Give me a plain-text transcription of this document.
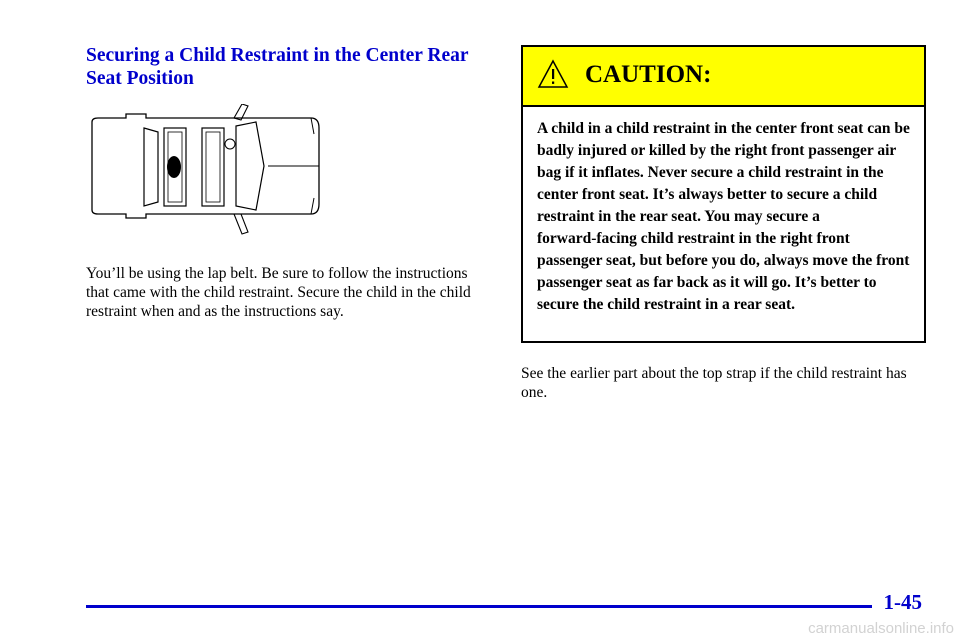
Securing a Child Restraint in the Center Rear Seat Position

You’ll be using the lap belt. Be sure to follow the instructions that came with the child restraint. Secure the child in the child restraint when and as the instructions say.

CAUTION:

A child in a child restraint in the center front seat can be badly injured or killed by the right front passenger air bag if it inflates. Never secure a child restraint in the center front seat. It’s always better to secure a child restraint in the rear seat. You may secure a forward‑facing child restraint in the right front passenger seat, but before you do, always move the front passenger seat as far back as it will go. It’s better to secure the child restraint in a rear seat.

See the earlier part about the top strap if the child restraint has one.

1-45
carmanualsonline.info
